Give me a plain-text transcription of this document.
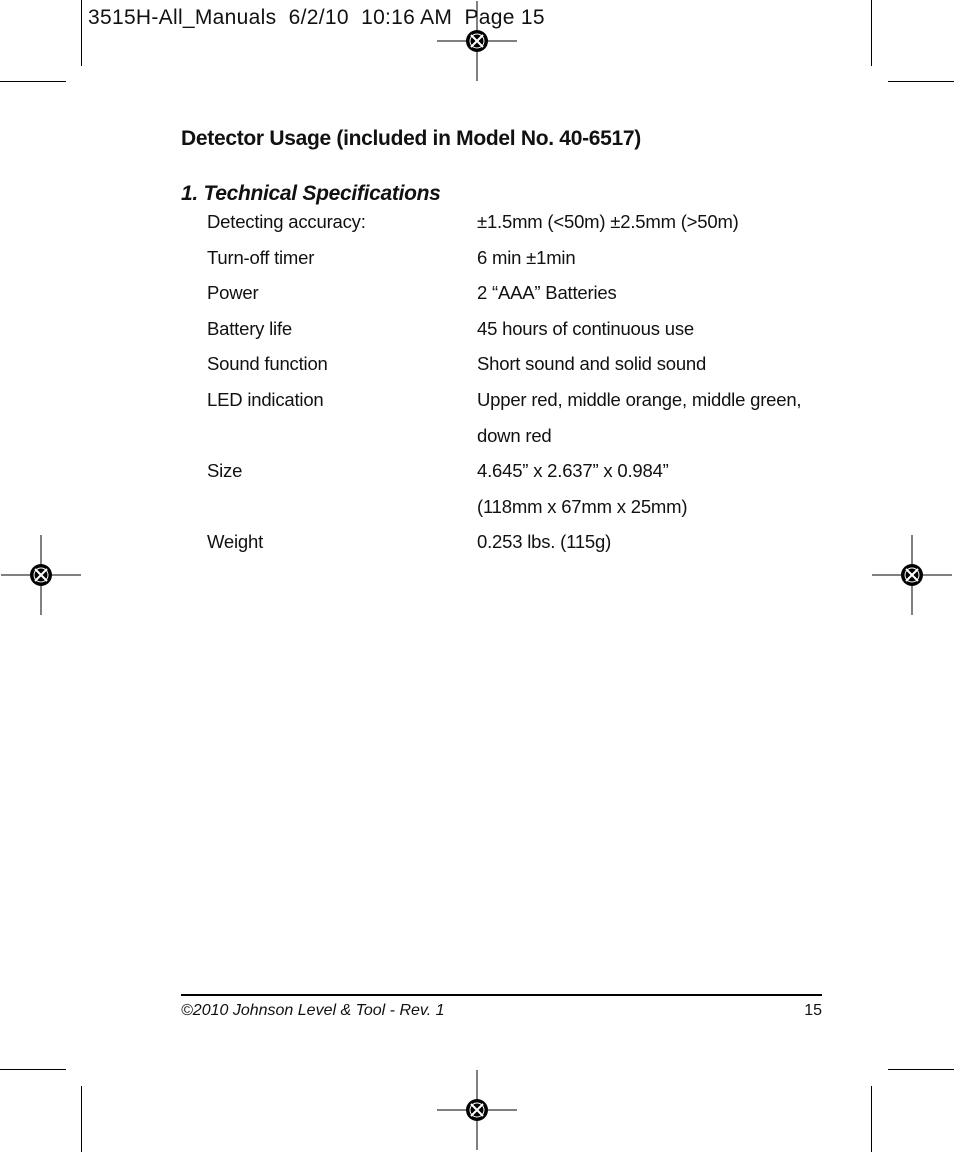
3515H-All_Manuals  6/2/10  10:16 AM  Page 15
Detector Usage (included in Model No. 40-6517)
1. Technical Specifications
Detecting accuracy:	±1.5mm (<50m) ±2.5mm (>50m)
Turn-off timer	6 min ±1min
Power	2 “AAA” Batteries
Battery life	45 hours of continuous use
Sound function	Short sound and solid sound
LED indication	Upper red, middle orange, middle green,
down red
Size	4.645” x 2.637” x 0.984”
(118mm x 67mm x 25mm)
Weight	0.253 lbs. (115g)
©2010 Johnson Level & Tool - Rev. 1	15
